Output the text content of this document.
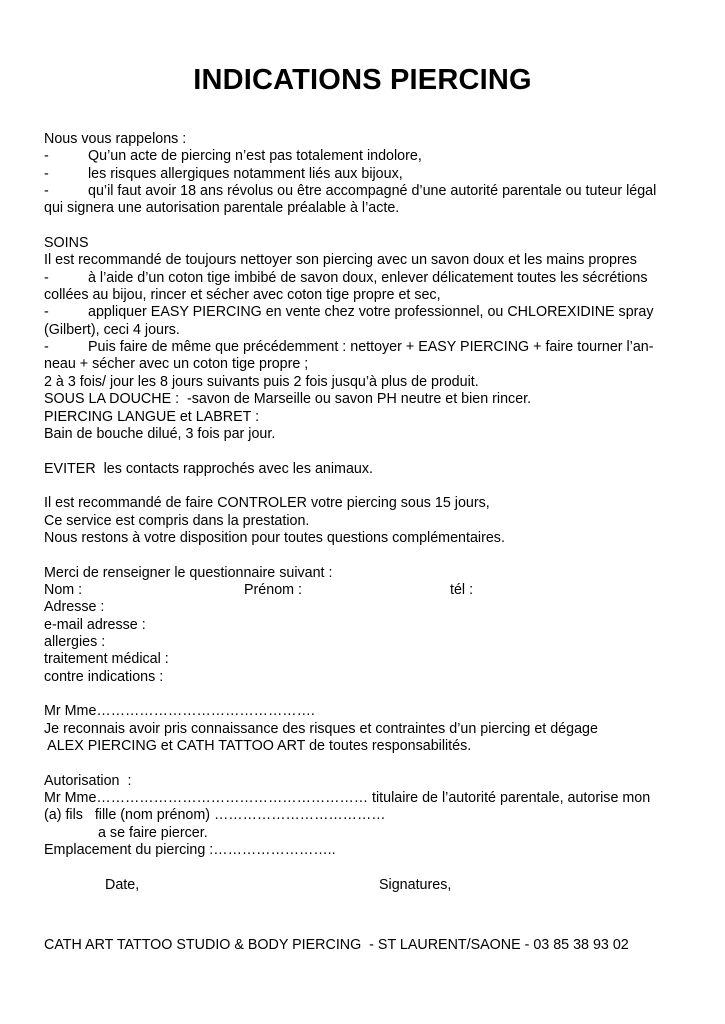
INDICATIONS PIERCING
Nous vous rappelons :
-	Qu’un acte de piercing n’est pas totalement indolore,
-	les risques allergiques notamment liés aux bijoux,
-	qu’il faut avoir 18 ans révolus ou être accompagné d’une autorité parentale ou tuteur légal
qui signera une autorisation parentale préalable à l’acte.
SOINS
Il est recommandé de toujours nettoyer son piercing avec un savon doux et les mains propres
-	à l’aide d’un coton tige imbibé de savon doux, enlever délicatement toutes les sécrétions
collées au bijou, rincer et sécher avec coton tige propre et sec,
-	appliquer EASY PIERCING en vente chez votre professionnel, ou CHLOREXIDINE spray
(Gilbert), ceci 4 jours.
-	Puis faire de même que précédemment : nettoyer + EASY PIERCING + faire tourner l’an-
neau + sécher avec un coton tige propre ;
2 à 3 fois/ jour les 8 jours suivants puis 2 fois jusqu’à plus de produit.
SOUS LA DOUCHE :  -savon de Marseille ou savon PH neutre et bien rincer.
PIERCING LANGUE et LABRET :
Bain de bouche dilué, 3 fois par jour.
EVITER  les contacts rapprochés avec les animaux.
Il est recommandé de faire CONTROLER votre piercing sous 15 jours,
Ce service est compris dans la prestation.
Nous restons à votre disposition pour toutes questions complémentaires.
Merci de renseigner le questionnaire suivant :
Nom :	Prénom :	tél :
Adresse :
e-mail adresse :
allergies :
traitement médical :
contre indications :
Mr Mme……………………………………….
Je reconnais avoir pris connaissance des risques et contraintes d’un piercing et dégage
ALEX PIERCING et CATH TATTOO ART de toutes responsabilités.
Autorisation  :
Mr Mme………………………………………………… titulaire de l’autorité parentale, autorise mon
(a) fils   fille (nom prénom) ………………………………
a se faire piercer.
Emplacement du piercing :……………………..
Date,	Signatures,
CATH ART TATTOO STUDIO & BODY PIERCING  - ST LAURENT/SAONE - 03 85 38 93 02
